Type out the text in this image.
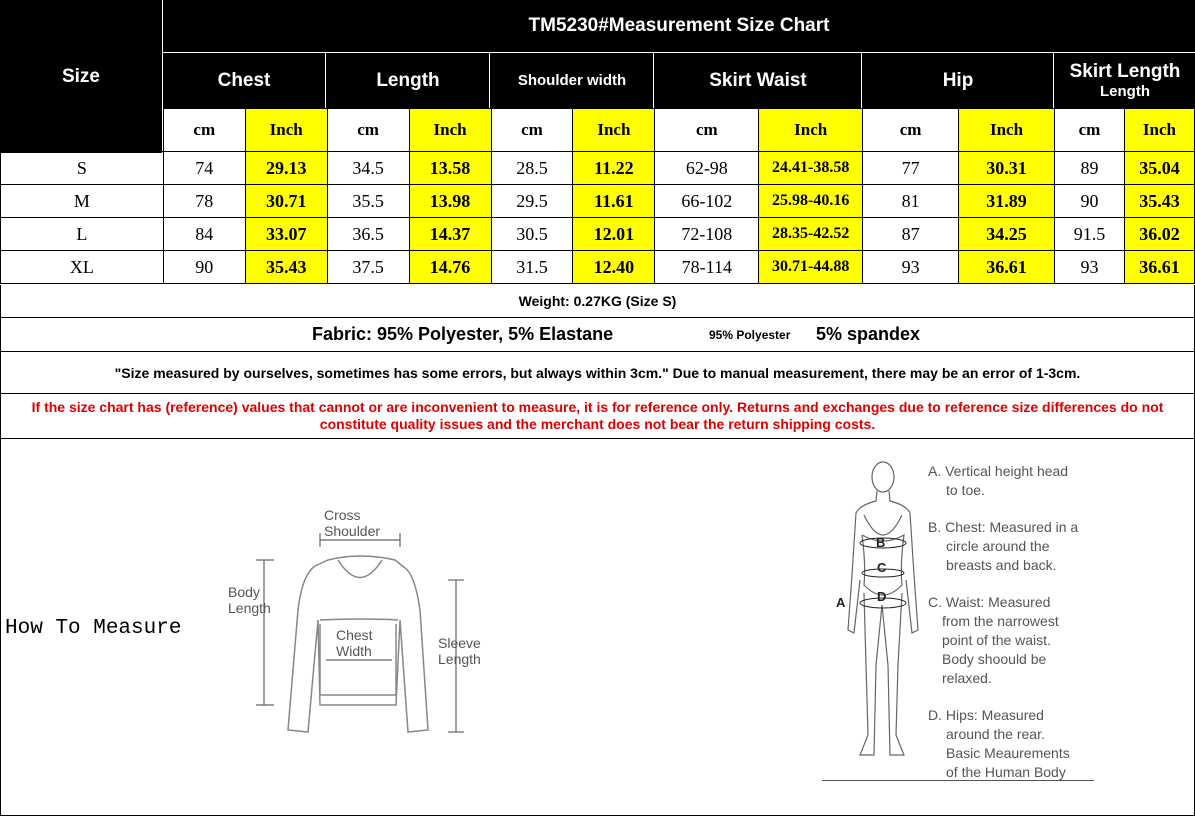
Size
TM5230#Measurement Size Chart
Chest	Length	Shoulder width	Skirt Waist	Hip	Skirt Length
Length
	cm	Inch	cm	Inch	cm	Inch	cm	Inch	cm	Inch	cm	Inch
S	74	29.13	34.5	13.58	28.5	11.22	62-98	24.41-38.58	77	30.31	89	35.04
M	78	30.71	35.5	13.98	29.5	11.61	66-102	25.98-40.16	81	31.89	90	35.43
L	84	33.07	36.5	14.37	30.5	12.01	72-108	28.35-42.52	87	34.25	91.5	36.02
XL	90	35.43	37.5	14.76	31.5	12.40	78-114	30.71-44.88	93	36.61	93	36.61
Weight: 0.27KG (Size S)
Fabric: 95% Polyester, 5% Elastane	95% Polyester 5% spandex
"Size measured by ourselves, sometimes has some errors, but always within 3cm." Due to manual measurement, there may be an error of 1-3cm.
If the size chart has (reference) values that cannot or are inconvenient to measure, it is for reference only. Returns and exchanges due to reference size differences do not constitute quality issues and the merchant does not bear the return shipping costs.
How To Measure
Cross
Shoulder
Body
Length
Chest
Width	Sleeve
Length
B
C
D
A
A. Vertical height head
to toe.
B. Chest: Measured in a
circle around the
breasts and back.
C. Waist: Measured
from the narrowest
point of the waist.
Body shoould be
relaxed.
D. Hips: Measured
around the rear.
Basic Meaurements
of the Human Body
